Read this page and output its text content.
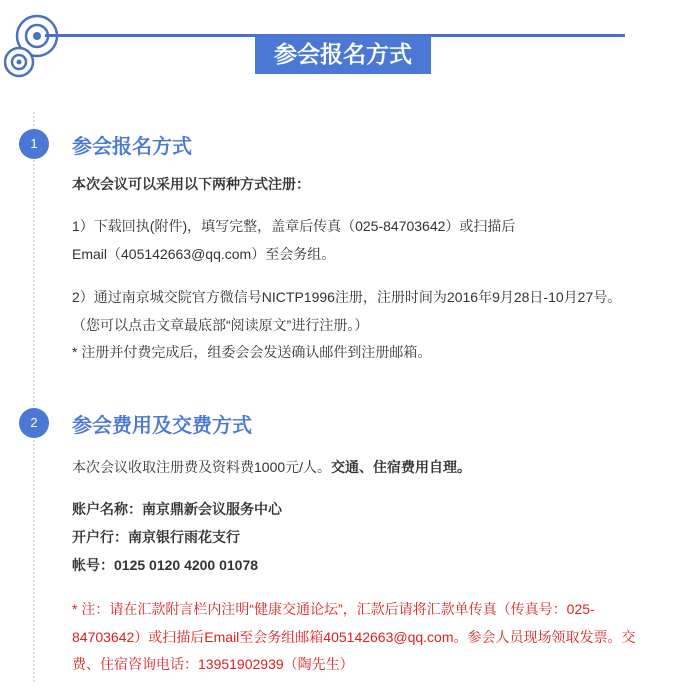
参会报名方式
1	参会报名方式
本次会议可以采用以下两种方式注册：
1）下载回执(附件)，填写完整，盖章后传真（025-84703642）或扫描后
Email（405142663@qq.com）至会务组。
2）通过南京城交院官方微信号NICTP1996注册，注册时间为2016年9月28日-10月27号。
（您可以点击文章最底部“阅读原文”进行注册。）
* 注册并付费完成后，组委会会发送确认邮件到注册邮箱。
2	参会费用及交费方式
本次会议收取注册费及资料费1000元/人。交通、住宿费用自理。
账户名称：南京鼎新会议服务中心
开户行：南京银行雨花支行
帐号：0125 0120 4200 01078
* 注：请在汇款附言栏内注明“健康交通论坛”，汇款后请将汇款单传真（传真号：025-
84703642）或扫描后Email至会务组邮箱405142663@qq.com。参会人员现场领取发票。交
费、住宿咨询电话：13951902939（陶先生）
